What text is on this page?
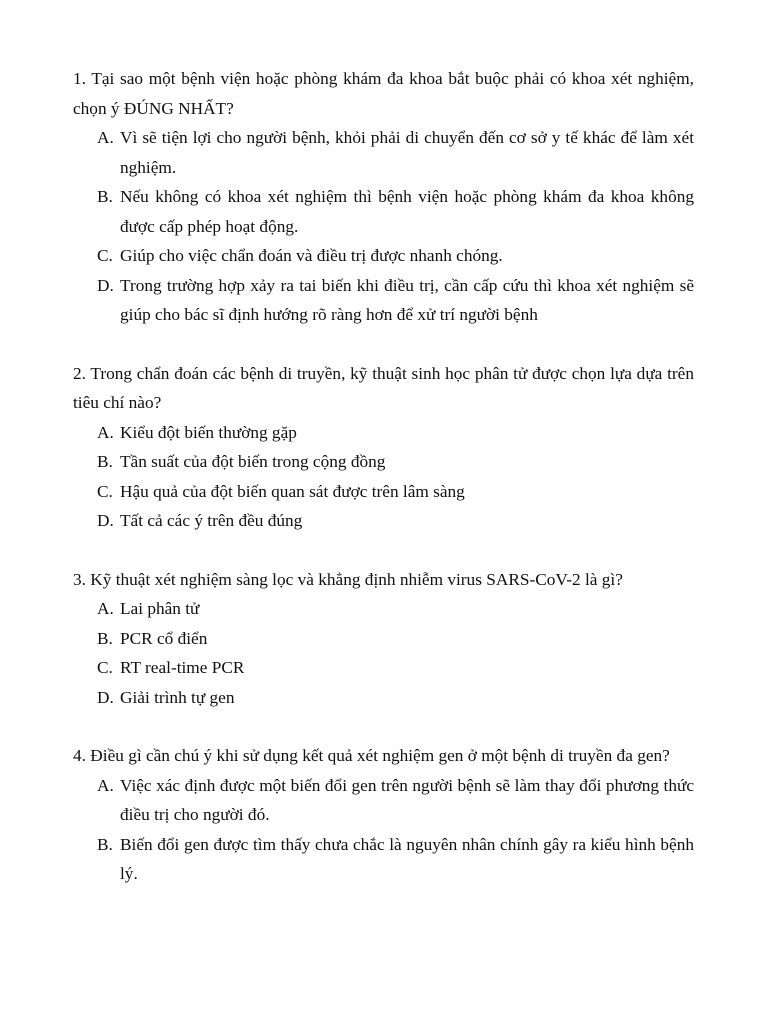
1. Tại sao một bệnh viện hoặc phòng khám đa khoa bắt buộc phải có khoa xét nghiệm, chọn ý ĐÚNG NHẤT?

A. Vì sẽ tiện lợi cho người bệnh, khỏi phải di chuyển đến cơ sở y tế khác để làm xét nghiệm.
B. Nếu không có khoa xét nghiệm thì bệnh viện hoặc phòng khám đa khoa không được cấp phép hoạt động.
C. Giúp cho việc chẩn đoán và điều trị được nhanh chóng.
D. Trong trường hợp xảy ra tai biến khi điều trị, cần cấp cứu thì khoa xét nghiệm sẽ giúp cho bác sĩ định hướng rõ ràng hơn để xử trí người bệnh

2. Trong chẩn đoán các bệnh di truyền, kỹ thuật sinh học phân tử được chọn lựa dựa trên tiêu chí nào?

A. Kiểu đột biến thường gặp
B. Tần suất của đột biến trong cộng đồng
C. Hậu quả của đột biến quan sát được trên lâm sàng
D. Tất cả các ý trên đều đúng

3. Kỹ thuật xét nghiệm sàng lọc và khẳng định nhiễm virus SARS-CoV-2 là gì?

A. Lai phân tử
B. PCR cổ điển
C. RT real-time PCR
D. Giải trình tự gen

4. Điều gì cần chú ý khi sử dụng kết quả xét nghiệm gen ở một bệnh di truyền đa gen?

A. Việc xác định được một biến đổi gen trên người bệnh sẽ làm thay đổi phương thức điều trị cho người đó.
B. Biến đổi gen được tìm thấy chưa chắc là nguyên nhân chính gây ra kiểu hình bệnh lý.
